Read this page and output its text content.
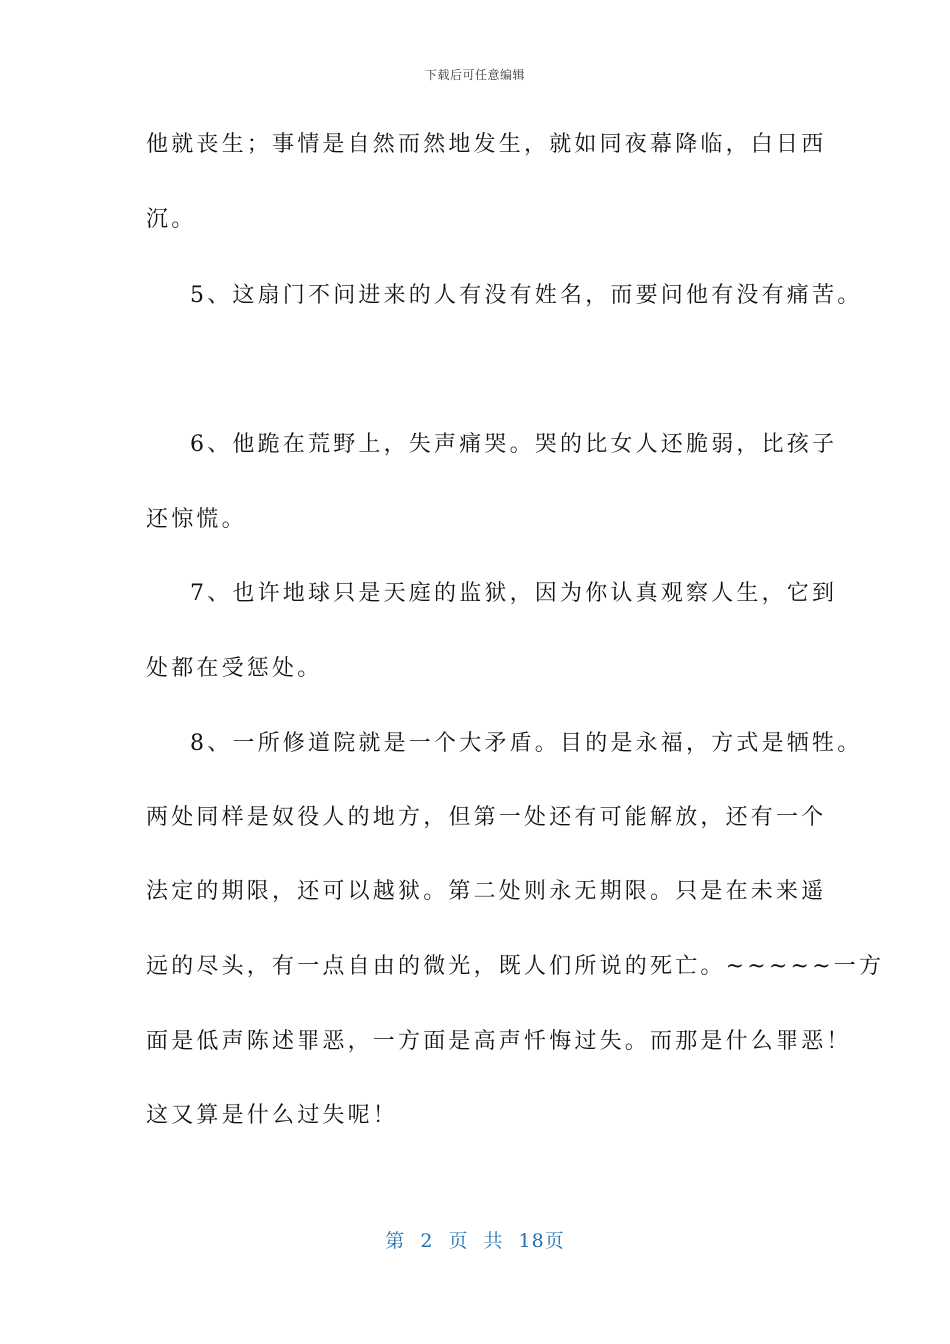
下载后可任意编辑

他就丧生；事情是自然而然地发生，就如同夜幕降临，白日西

沉。

5、这扇门不问进来的人有没有姓名，而要问他有没有痛苦。

6、他跪在荒野上，失声痛哭。哭的比女人还脆弱，比孩子

还惊慌。

7、也许地球只是天庭的监狱，因为你认真观察人生，它到

处都在受惩处。

8、一所修道院就是一个大矛盾。目的是永福，方式是牺牲。

两处同样是奴役人的地方，但第一处还有可能解放，还有一个

法定的期限，还可以越狱。第二处则永无期限。只是在未来遥

远的尽头，有一点自由的微光，既人们所说的死亡。~~~~~一方

面是低声陈述罪恶，一方面是高声忏悔过失。而那是什么罪恶！

这又算是什么过失呢！

第 2 页 共 18页
